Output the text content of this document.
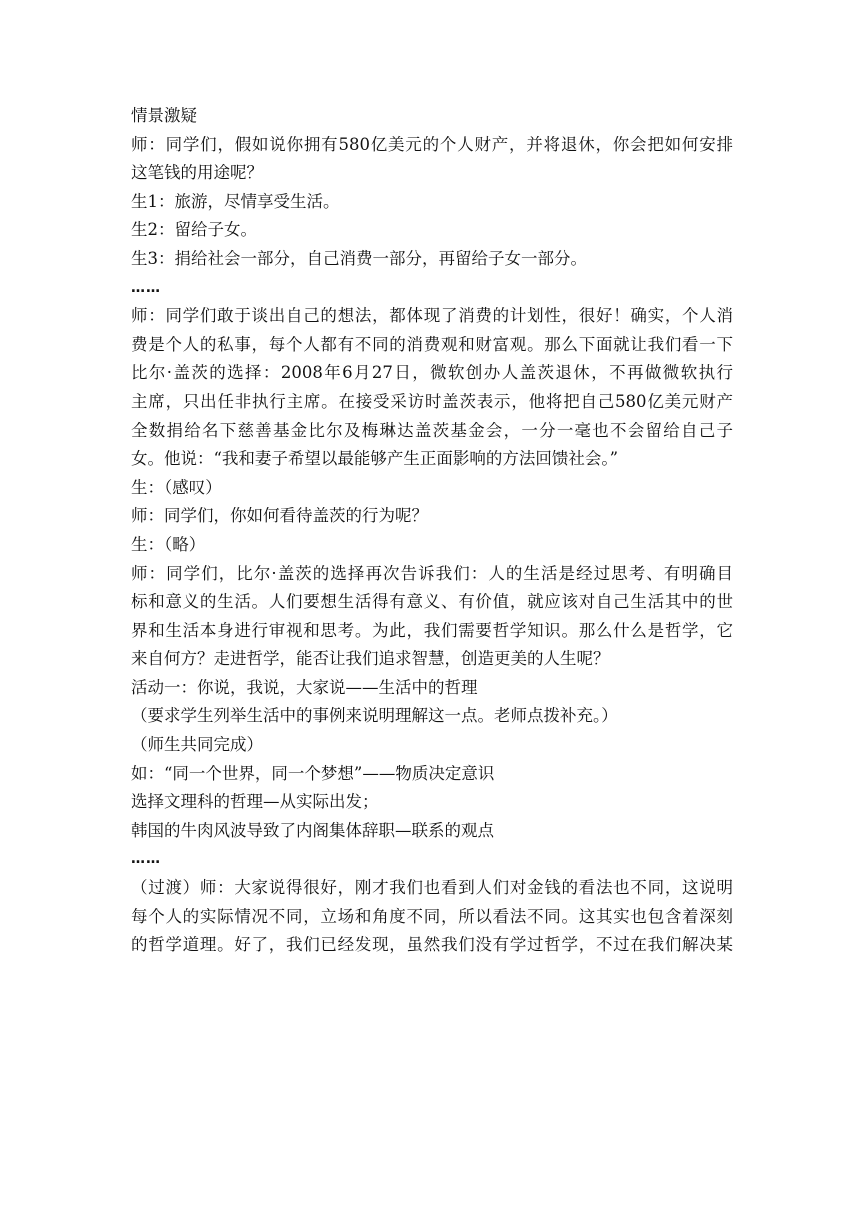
情景激疑
师：同学们，假如说你拥有580亿美元的个人财产，并将退休，你会把如何安排
这笔钱的用途呢？
生1：旅游，尽情享受生活。
生2：留给子女。
生3：捐给社会一部分，自己消费一部分，再留给子女一部分。
……
师：同学们敢于谈出自己的想法，都体现了消费的计划性，很好！确实，个人消
费是个人的私事，每个人都有不同的消费观和财富观。那么下面就让我们看一下
比尔·盖茨的选择：2008年6月27日，微软创办人盖茨退休，不再做微软执行
主席，只出任非执行主席。在接受采访时盖茨表示，他将把自己580亿美元财产
全数捐给名下慈善基金比尔及梅琳达盖茨基金会，一分一毫也不会留给自己子
女。他说：“我和妻子希望以最能够产生正面影响的方法回馈社会。”
生：（感叹）
师：同学们，你如何看待盖茨的行为呢？
生：（略）
师：同学们，比尔·盖茨的选择再次告诉我们：人的生活是经过思考、有明确目
标和意义的生活。人们要想生活得有意义、有价值，就应该对自己生活其中的世
界和生活本身进行审视和思考。为此，我们需要哲学知识。那么什么是哲学，它
来自何方？走进哲学，能否让我们追求智慧，创造更美的人生呢？
活动一：你说，我说，大家说——生活中的哲理
（要求学生列举生活中的事例来说明理解这一点。老师点拨补充。）
（师生共同完成）
如：“同一个世界，同一个梦想”——物质决定意识
选择文理科的哲理—从实际出发；
韩国的牛肉风波导致了内阁集体辞职—联系的观点
……
（过渡）师：大家说得很好，刚才我们也看到人们对金钱的看法也不同，这说明
每个人的实际情况不同，立场和角度不同，所以看法不同。这其实也包含着深刻
的哲学道理。好了，我们已经发现，虽然我们没有学过哲学，不过在我们解决某
